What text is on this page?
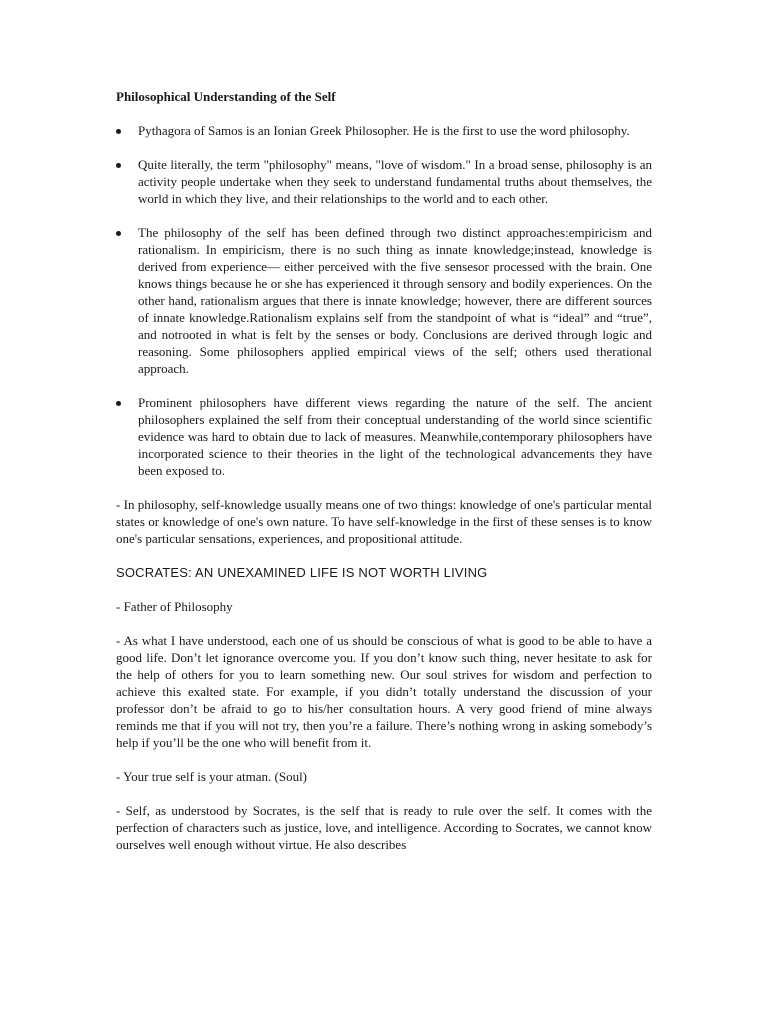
Philosophical Understanding of the Self

Pythagora of Samos is an Ionian Greek Philosopher. He is the first to use the word philosophy.
Quite literally, the term "philosophy" means, "love of wisdom." In a broad sense, philosophy is an activity people undertake when they seek to understand fundamental truths about themselves, the world in which they live, and their relationships to the world and to each other.
The philosophy of the self has been defined through two distinct approaches:empiricism and rationalism. In empiricism, there is no such thing as innate knowledge;instead, knowledge is derived from experience— either perceived with the five sensesor processed with the brain. One knows things because he or she has experienced it through sensory and bodily experiences. On the other hand, rationalism argues that there is innate knowledge; however, there are different sources of innate knowledge.Rationalism explains self from the standpoint of what is “ideal” and “true”, and notrooted in what is felt by the senses or body. Conclusions are derived through logic and reasoning. Some philosophers applied empirical views of the self; others used therational approach.
Prominent philosophers have different views regarding the nature of the self. The ancient philosophers explained the self from their conceptual understanding of the world since scientific evidence was hard to obtain due to lack of measures. Meanwhile,contemporary philosophers have incorporated science to their theories in the light of the technological advancements they have been exposed to.

- In philosophy, self-knowledge usually means one of two things: knowledge of one's particular mental states or knowledge of one's own nature. To have self-knowledge in the first of these senses is to know one's particular sensations, experiences, and propositional attitude.

SOCRATES: AN UNEXAMINED LIFE IS NOT WORTH LIVING

- Father of Philosophy

- As what I have understood, each one of us should be conscious of what is good to be able to have a good life. Don’t let ignorance overcome you. If you don’t know such thing, never hesitate to ask for the help of others for you to learn something new. Our soul strives for wisdom and perfection to achieve this exalted state. For example, if you didn’t totally understand the discussion of your professor don’t be afraid to go to his/her consultation hours. A very good friend of mine always reminds me that if you will not try, then you’re a failure. There’s nothing wrong in asking somebody’s help if you’ll be the one who will benefit from it.

- Your true self is your atman. (Soul)

- Self, as understood by Socrates, is the self that is ready to rule over the self. It comes with the perfection of characters such as justice, love, and intelligence. According to Socrates, we cannot know ourselves well enough without virtue. He also describes
